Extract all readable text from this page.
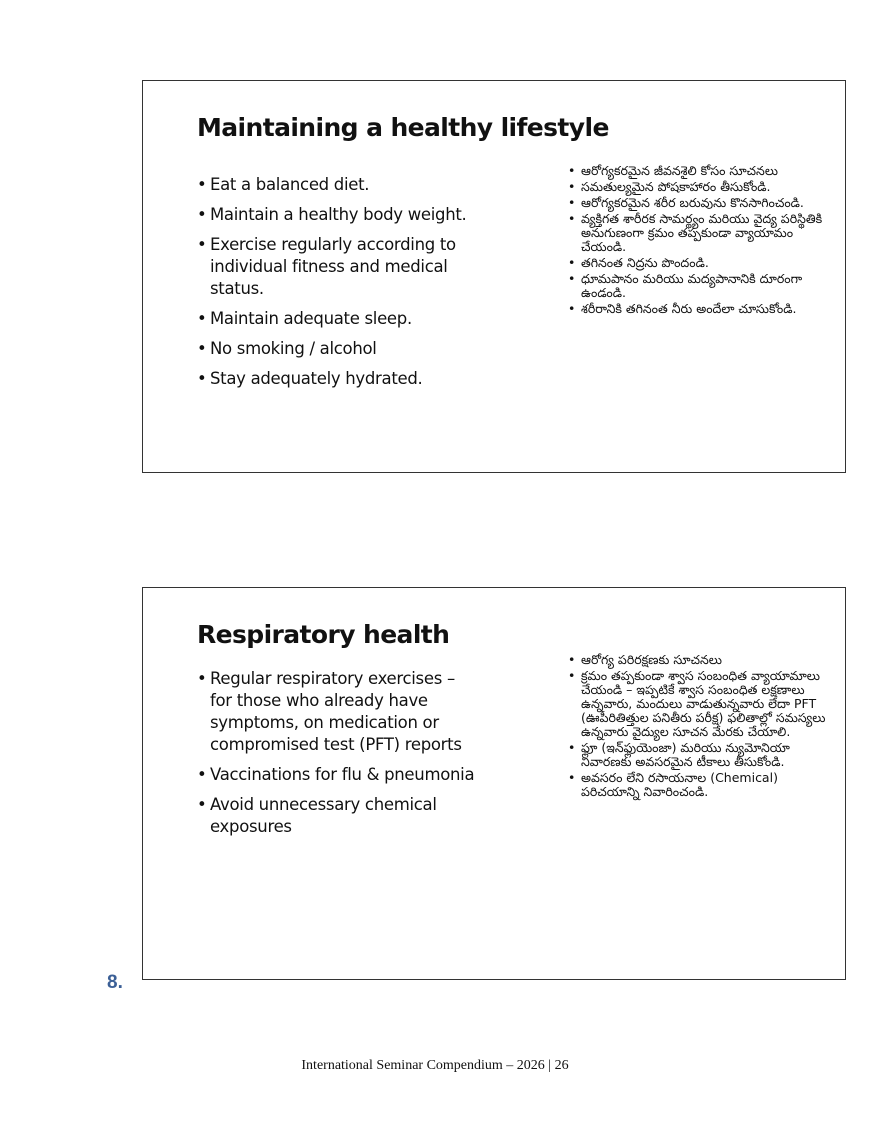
Maintaining a healthy lifestyle
• Eat a balanced diet.
• Maintain a healthy body weight.
• Exercise regularly according to individual fitness and medical status.
• Maintain adequate sleep.
• No smoking / alcohol
• Stay adequately hydrated.
• ఆరోగ్యకరమైన జీవనశైలి కోసం సూచనలు
• సమతుల్యమైన పోషకాహారం తీసుకోండి.
• ఆరోగ్యకరమైన శరీర బరువును కొనసాగించండి.
• వ్యక్తిగత శారీరక సామర్థ్యం మరియు వైద్య పరిస్థితికి అనుగుణంగా క్రమం తప్పకుండా వ్యాయామం చేయండి.
• తగినంత నిద్రను పొందండి.
• ధూమపానం మరియు మద్యపానానికి దూరంగా ఉండండి.
• శరీరానికి తగినంత నీరు అందేలా చూసుకోండి.
Respiratory health
• Regular respiratory exercises – for those who already have symptoms, on medication or compromised test (PFT) reports
• Vaccinations for flu & pneumonia
• Avoid unnecessary chemical exposures
• ఆరోగ్య పరిరక్షణకు సూచనలు
• క్రమం తప్పకుండా శ్వాస సంబంధిత వ్యాయామాలు చేయండి – ఇప్పటికే శ్వాస సంబంధిత లక్షణాలు ఉన్నవారు, మందులు వాడుతున్నవారు లేదా PFT (ఊపిరితిత్తుల పనితీరు పరీక్ష) ఫలితాల్లో సమస్యలు ఉన్నవారు వైద్యుల సూచన మేరకు చేయాలి.
• ఫ్లూ (ఇన్‌ఫ్లుయెంజా) మరియు న్యుమోనియా నివారణకు అవసరమైన టీకాలు తీసుకోండి.
• అవసరం లేని రసాయనాల (Chemical) పరిచయాన్ని నివారించండి.

8.

International Seminar Compendium – 2026 | 26
